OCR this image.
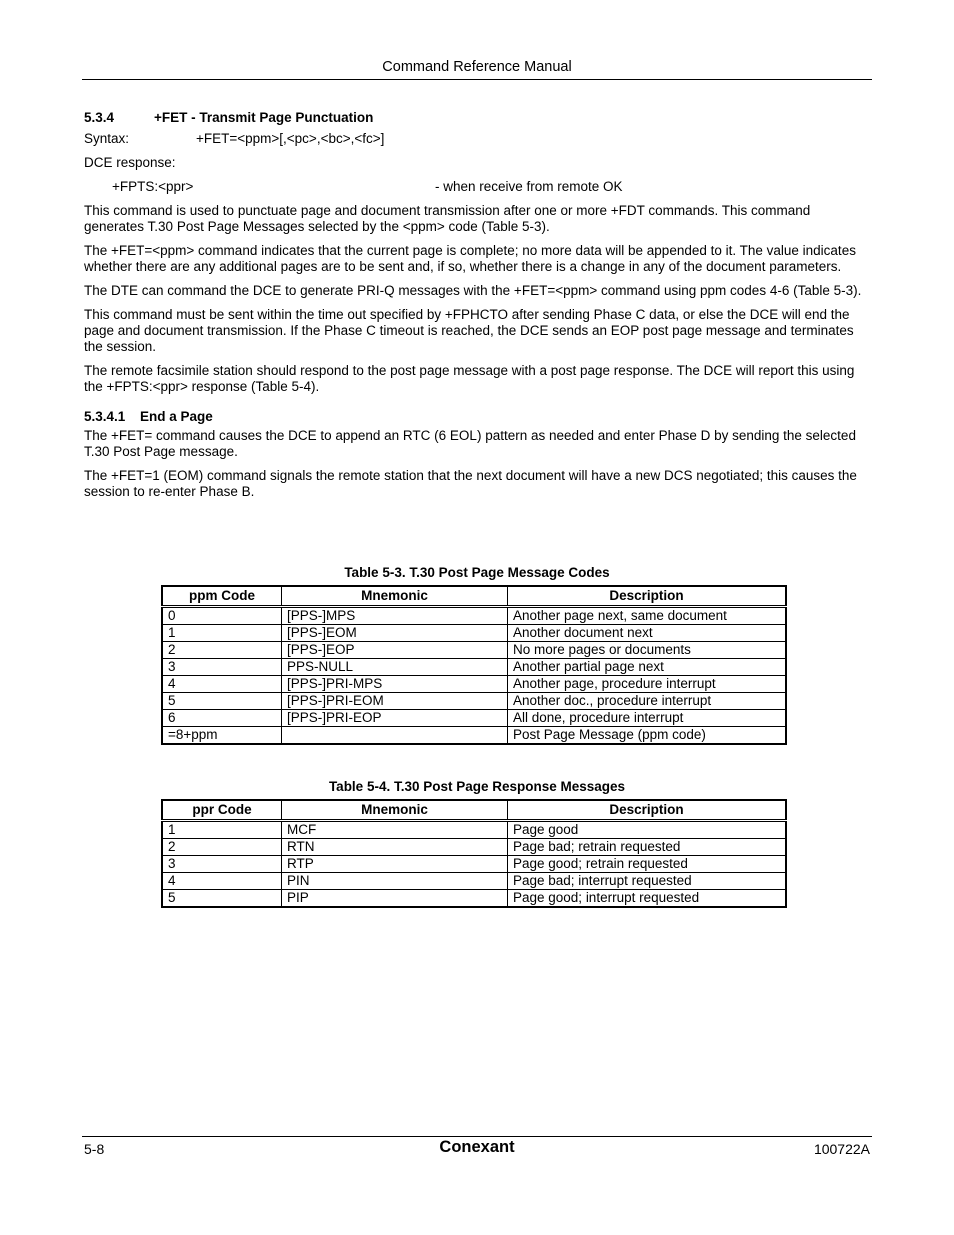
Command Reference Manual
5.3.4	+FET - Transmit Page Punctuation
Syntax:	+FET=<ppm>[,<pc>,<bc>,<fc>]
DCE response:
+FPTS:<ppr>	- when receive from remote OK

This command is used to punctuate page and document transmission after one or more +FDT commands. This command generates T.30 Post Page Messages selected by the <ppm> code (Table 5-3).

The +FET=<ppm> command indicates that the current page is complete; no more data will be appended to it. The value indicates whether there are any additional pages are to be sent and, if so, whether there is a change in any of the document parameters.

The DTE can command the DCE to generate PRI-Q messages with the +FET=<ppm> command using ppm codes 4-6 (Table 5-3).

This command must be sent within the time out specified by +FPHCTO after sending Phase C data, or else the DCE will end the page and document transmission. If the Phase C timeout is reached, the DCE sends an EOP post page message and terminates the session.

The remote facsimile station should respond to the post page message with a post page response. The DCE will report this using the +FPTS:<ppr> response (Table 5-4).

5.3.4.1 End a Page

The +FET= command causes the DCE to append an RTC (6 EOL) pattern as needed and enter Phase D by sending the selected T.30 Post Page message.

The +FET=1 (EOM) command signals the remote station that the next document will have a new DCS negotiated; this causes the session to re-enter Phase B.

Table 5-3. T.30 Post Page Message Codes
ppm Code	Mnemonic	Description
0	[PPS-]MPS	Another page next, same document
1	[PPS-]EOM	Another document next
2	[PPS-]EOP	No more pages or documents
3	PPS-NULL	Another partial page next
4	[PPS-]PRI-MPS	Another page, procedure interrupt
5	[PPS-]PRI-EOM	Another doc., procedure interrupt
6	[PPS-]PRI-EOP	All done, procedure interrupt
=8+ppm		Post Page Message (ppm code)
Table 5-4. T.30 Post Page Response Messages
ppr Code	Mnemonic	Description
1	MCF	Page good
2	RTN	Page bad; retrain requested
3	RTP	Page good; retrain requested
4	PIN	Page bad; interrupt requested
5	PIP	Page good; interrupt requested
5-8	Conexant	100722A
